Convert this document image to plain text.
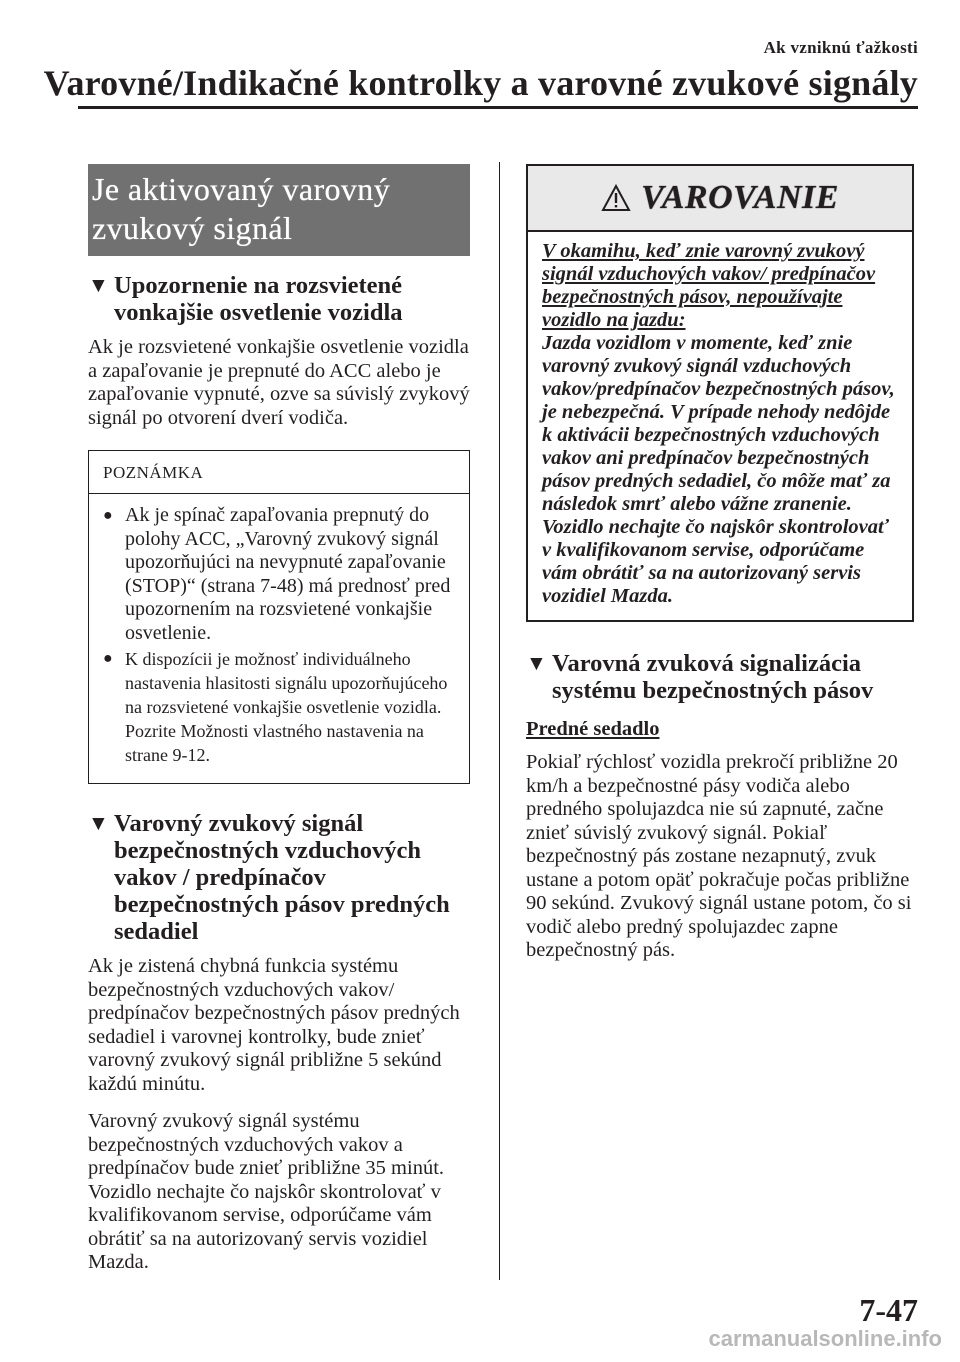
Ak vzniknú ťažkosti
Varovné/Indikačné kontrolky a varovné zvukové signály
Je aktivovaný varovný zvukový signál
▼ Upozornenie na rozsvietené vonkajšie osvetlenie vozidla
Ak je rozsvietené vonkajšie osvetlenie vozidla a zapaľovanie je prepnuté do ACC alebo je zapaľovanie vypnuté, ozve sa súvislý zvykový signál po otvorení dverí vodiča.
POZNÁMKA
● Ak je spínač zapaľovania prepnutý do polohy ACC, „Varovný zvukový signál upozorňujúci na nevypnuté zapaľovanie (STOP)“ (strana 7-48) má prednosť pred upozornením na rozsvietené vonkajšie osvetlenie.
● K dispozícii je možnosť individuálneho nastavenia hlasitosti signálu upozorňujúceho na rozsvietené vonkajšie osvetlenie vozidla. Pozrite Možnosti vlastného nastavenia na strane 9-12.
▼ Varovný zvukový signál bezpečnostných vzduchových vakov / predpínačov bezpečnostných pásov predných sedadiel
Ak je zistená chybná funkcia systému bezpečnostných vzduchových vakov/ predpínačov bezpečnostných pásov predných sedadiel i varovnej kontrolky, bude znieť varovný zvukový signál približne 5 sekúnd každú minútu.
Varovný zvukový signál systému bezpečnostných vzduchových vakov a predpínačov bude znieť približne 35 minút. Vozidlo nechajte čo najskôr skontrolovať v kvalifikovanom servise, odporúčame vám obrátiť sa na autorizovaný servis vozidiel Mazda.
VAROVANIE
V okamihu, keď znie varovný zvukový signál vzduchových vakov/ predpínačov bezpečnostných pásov, nepoužívajte vozidlo na jazdu:
Jazda vozidlom v momente, keď znie varovný zvukový signál vzduchových vakov/predpínačov bezpečnostných pásov, je nebezpečná. V prípade nehody nedôjde k aktivácii bezpečnostných vzduchových vakov ani predpínačov bezpečnostných pásov predných sedadiel, čo môže mať za následok smrť alebo vážne zranenie. Vozidlo nechajte čo najskôr skontrolovať v kvalifikovanom servise, odporúčame vám obrátiť sa na autorizovaný servis vozidiel Mazda.
▼ Varovná zvuková signalizácia systému bezpečnostných pásov
Predné sedadlo
Pokiaľ rýchlosť vozidla prekročí približne 20 km/h a bezpečnostné pásy vodiča alebo predného spolujazdca nie sú zapnuté, začne znieť súvislý zvukový signál. Pokiaľ bezpečnostný pás zostane nezapnutý, zvuk ustane a potom opäť pokračuje počas približne 90 sekúnd. Zvukový signál ustane potom, čo si vodič alebo predný spolujazdec zapne bezpečnostný pás.
7-47
carmanualsonline.info
